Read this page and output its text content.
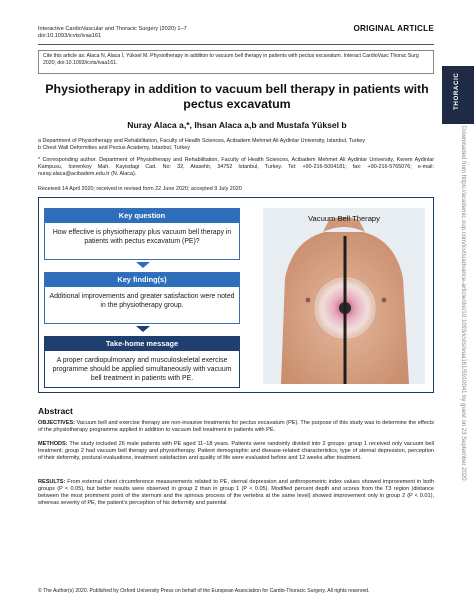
Interactive CardioVascular and Thoracic Surgery (2020) 1–7
doi:10.1093/icvts/ivaa161
ORIGINAL ARTICLE
Cite this article as: Alaca N, Alaca İ, Yüksel M. Physiotherapy in addition to vacuum bell therapy in patients with pectus excavatum. Interact CardioVasc Thorac Surg 2020; doi:10.1093/icvts/ivaa161.
THORACIC
Downloaded from https://academic.oup.com/icvts/advance-article/doi/10.1093/icvts/ivaa161/5910041 by guest on 23 September 2020
Physiotherapy in addition to vacuum bell therapy in patients with pectus excavatum
Nuray Alaca a,*, Ihsan Alaca a,b and Mustafa Yüksel b
a Department of Physiotherapy and Rehabilitation, Faculty of Health Sciences, Acibadem Mehmet Ali Aydinlar University, Istanbul, Turkey
b Chest Wall Deformities and Pectus Academy, Istanbul, Turkey
* Corresponding author. Department of Physiotherapy and Rehabilitation, Faculty of Health Sciences, Acibadem Mehmet Ali Aydinlar University, Kerem Aydinlar Kampusu, Icerenkoy Mah. Kayisdagi Cad. No: 32, Atasehir, 34752 Istanbul, Turkey. Tel: +90-216-5004181; fax: +90-216-5765076; e-mail: nuray.alaca@acibadem.edu.tr (N. Alaca).
Received 14 April 2020; received in revised form 22 June 2020; accepted 9 July 2020
Key question
How effective is physiotherapy plus vacuum bell therapy in patients with pectus excavatum (PE)?
Key finding(s)
Additional improvements and greater satisfaction were noted in the physiotherapy group.
Take-home message
A proper cardiopulmonary and musculoskeletal exercise programme should be applied simultaneously with vacuum bell treatment in patients with PE.
Vacuum Bell Therapy
Abstract
OBJECTIVES: Vacuum bell and exercise therapy are non-invasive treatments for pectus excavatum (PE). The purpose of this study was to determine the effects of the physiotherapy programme applied in addition to vacuum bell treatment in patients with PE.
METHODS: The study included 26 male patients with PE aged 11–18 years. Patients were randomly divided into 2 groups: group 1 received only vacuum bell treatment; group 2 had vacuum bell therapy and physiotherapy. Patient demographic and disease-related characteristics, type of sternal depression, perception of their deformity, postural evaluations, treatment satisfaction and quality of life were evaluated before and 12 weeks after treatment.
RESULTS: From external chest circumference measurements related to PE, sternal depression and anthropometric index values showed improvement in both groups (P < 0.05), but better results were observed in group 2 than in group 1 (P < 0.05). Modified percent depth and scores from the T3 region (distance between the most prominent point of the sternum and the spinous process of the vertebra at the same level) showed improvement only in group 2 (P < 0.01), whereas severity of PE, the patient's perception of his deformity and parental
© The Author(s) 2020. Published by Oxford University Press on behalf of the European Association for Cardio-Thoracic Surgery. All rights reserved.
